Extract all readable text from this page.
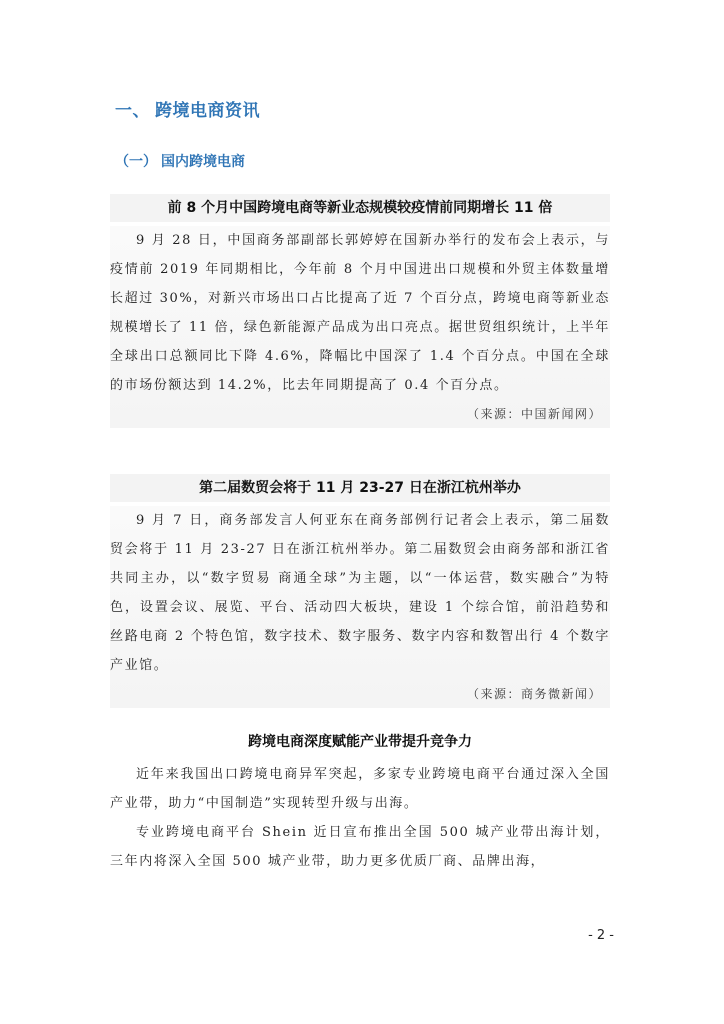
一、 跨境电商资讯
（一） 国内跨境电商
前 8 个月中国跨境电商等新业态规模较疫情前同期增长 11 倍

9 月 28 日，中国商务部副部长郭婷婷在国新办举行的发布会上表示，与疫情前 2019 年同期相比，今年前 8 个月中国进出口规模和外贸主体数量增长超过 30%，对新兴市场出口占比提高了近 7 个百分点，跨境电商等新业态规模增长了 11 倍，绿色新能源产品成为出口亮点。据世贸组织统计，上半年全球出口总额同比下降 4.6%，降幅比中国深了 1.4 个百分点。中国在全球的市场份额达到 14.2%，比去年同期提高了 0.4 个百分点。

（来源：中国新闻网）
第二届数贸会将于 11 月 23-27 日在浙江杭州举办

9 月 7 日，商务部发言人何亚东在商务部例行记者会上表示，第二届数贸会将于 11 月 23-27 日在浙江杭州举办。第二届数贸会由商务部和浙江省共同主办，以“数字贸易 商通全球”为主题，以“一体运营，数实融合”为特色，设置会议、展览、平台、活动四大板块，建设 1 个综合馆，前沿趋势和丝路电商 2 个特色馆，数字技术、数字服务、数字内容和数智出行 4 个数字产业馆。

（来源：商务微新闻）
跨境电商深度赋能产业带提升竞争力

近年来我国出口跨境电商异军突起，多家专业跨境电商平台通过深入全国产业带，助力“中国制造”实现转型升级与出海。

专业跨境电商平台 Shein 近日宣布推出全国 500 城产业带出海计划，三年内将深入全国 500 城产业带，助力更多优质厂商、品牌出海，

- 2 -
